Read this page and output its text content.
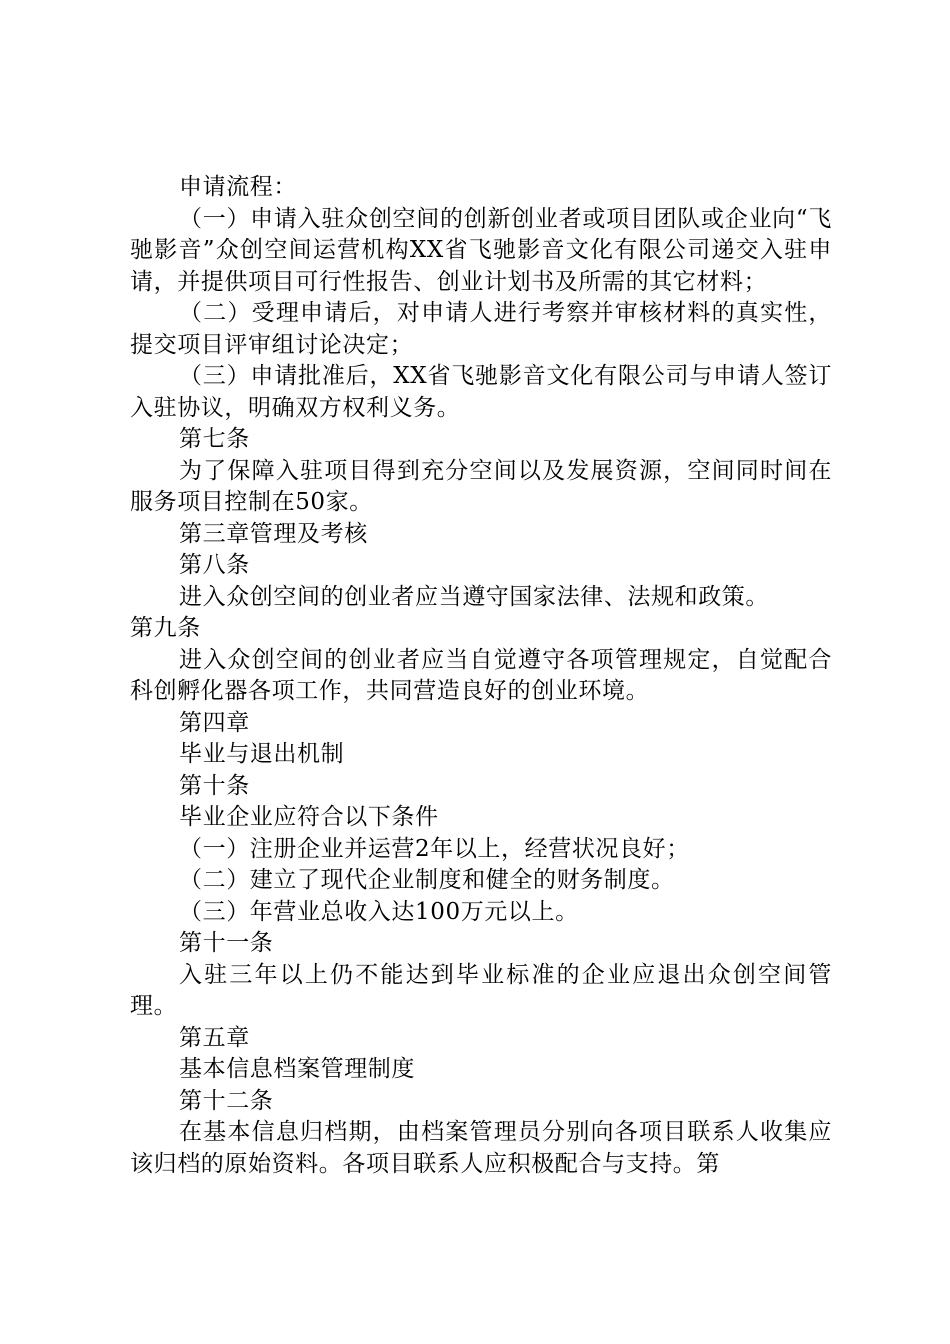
申请流程：

（一）申请入驻众创空间的创新创业者或项目团队或企业向“飞驰影音”众创空间运营机构XX省飞驰影音文化有限公司递交入驻申请，并提供项目可行性报告、创业计划书及所需的其它材料；

（二）受理申请后，对申请人进行考察并审核材料的真实性，提交项目评审组讨论决定；

（三）申请批准后，XX省飞驰影音文化有限公司与申请人签订入驻协议，明确双方权利义务。

第七条

为了保障入驻项目得到充分空间以及发展资源，空间同时间在服务项目控制在50家。

第三章管理及考核

第八条

进入众创空间的创业者应当遵守国家法律、法规和政策。

第九条

进入众创空间的创业者应当自觉遵守各项管理规定，自觉配合科创孵化器各项工作，共同营造良好的创业环境。

第四章

毕业与退出机制

第十条

毕业企业应符合以下条件

（一）注册企业并运营2年以上，经营状况良好；

（二）建立了现代企业制度和健全的财务制度。

（三）年营业总收入达100万元以上。

第十一条

入驻三年以上仍不能达到毕业标准的企业应退出众创空间管理。

第五章

基本信息档案管理制度

第十二条

在基本信息归档期，由档案管理员分别向各项目联系人收集应该归档的原始资料。各项目联系人应积极配合与支持。第
